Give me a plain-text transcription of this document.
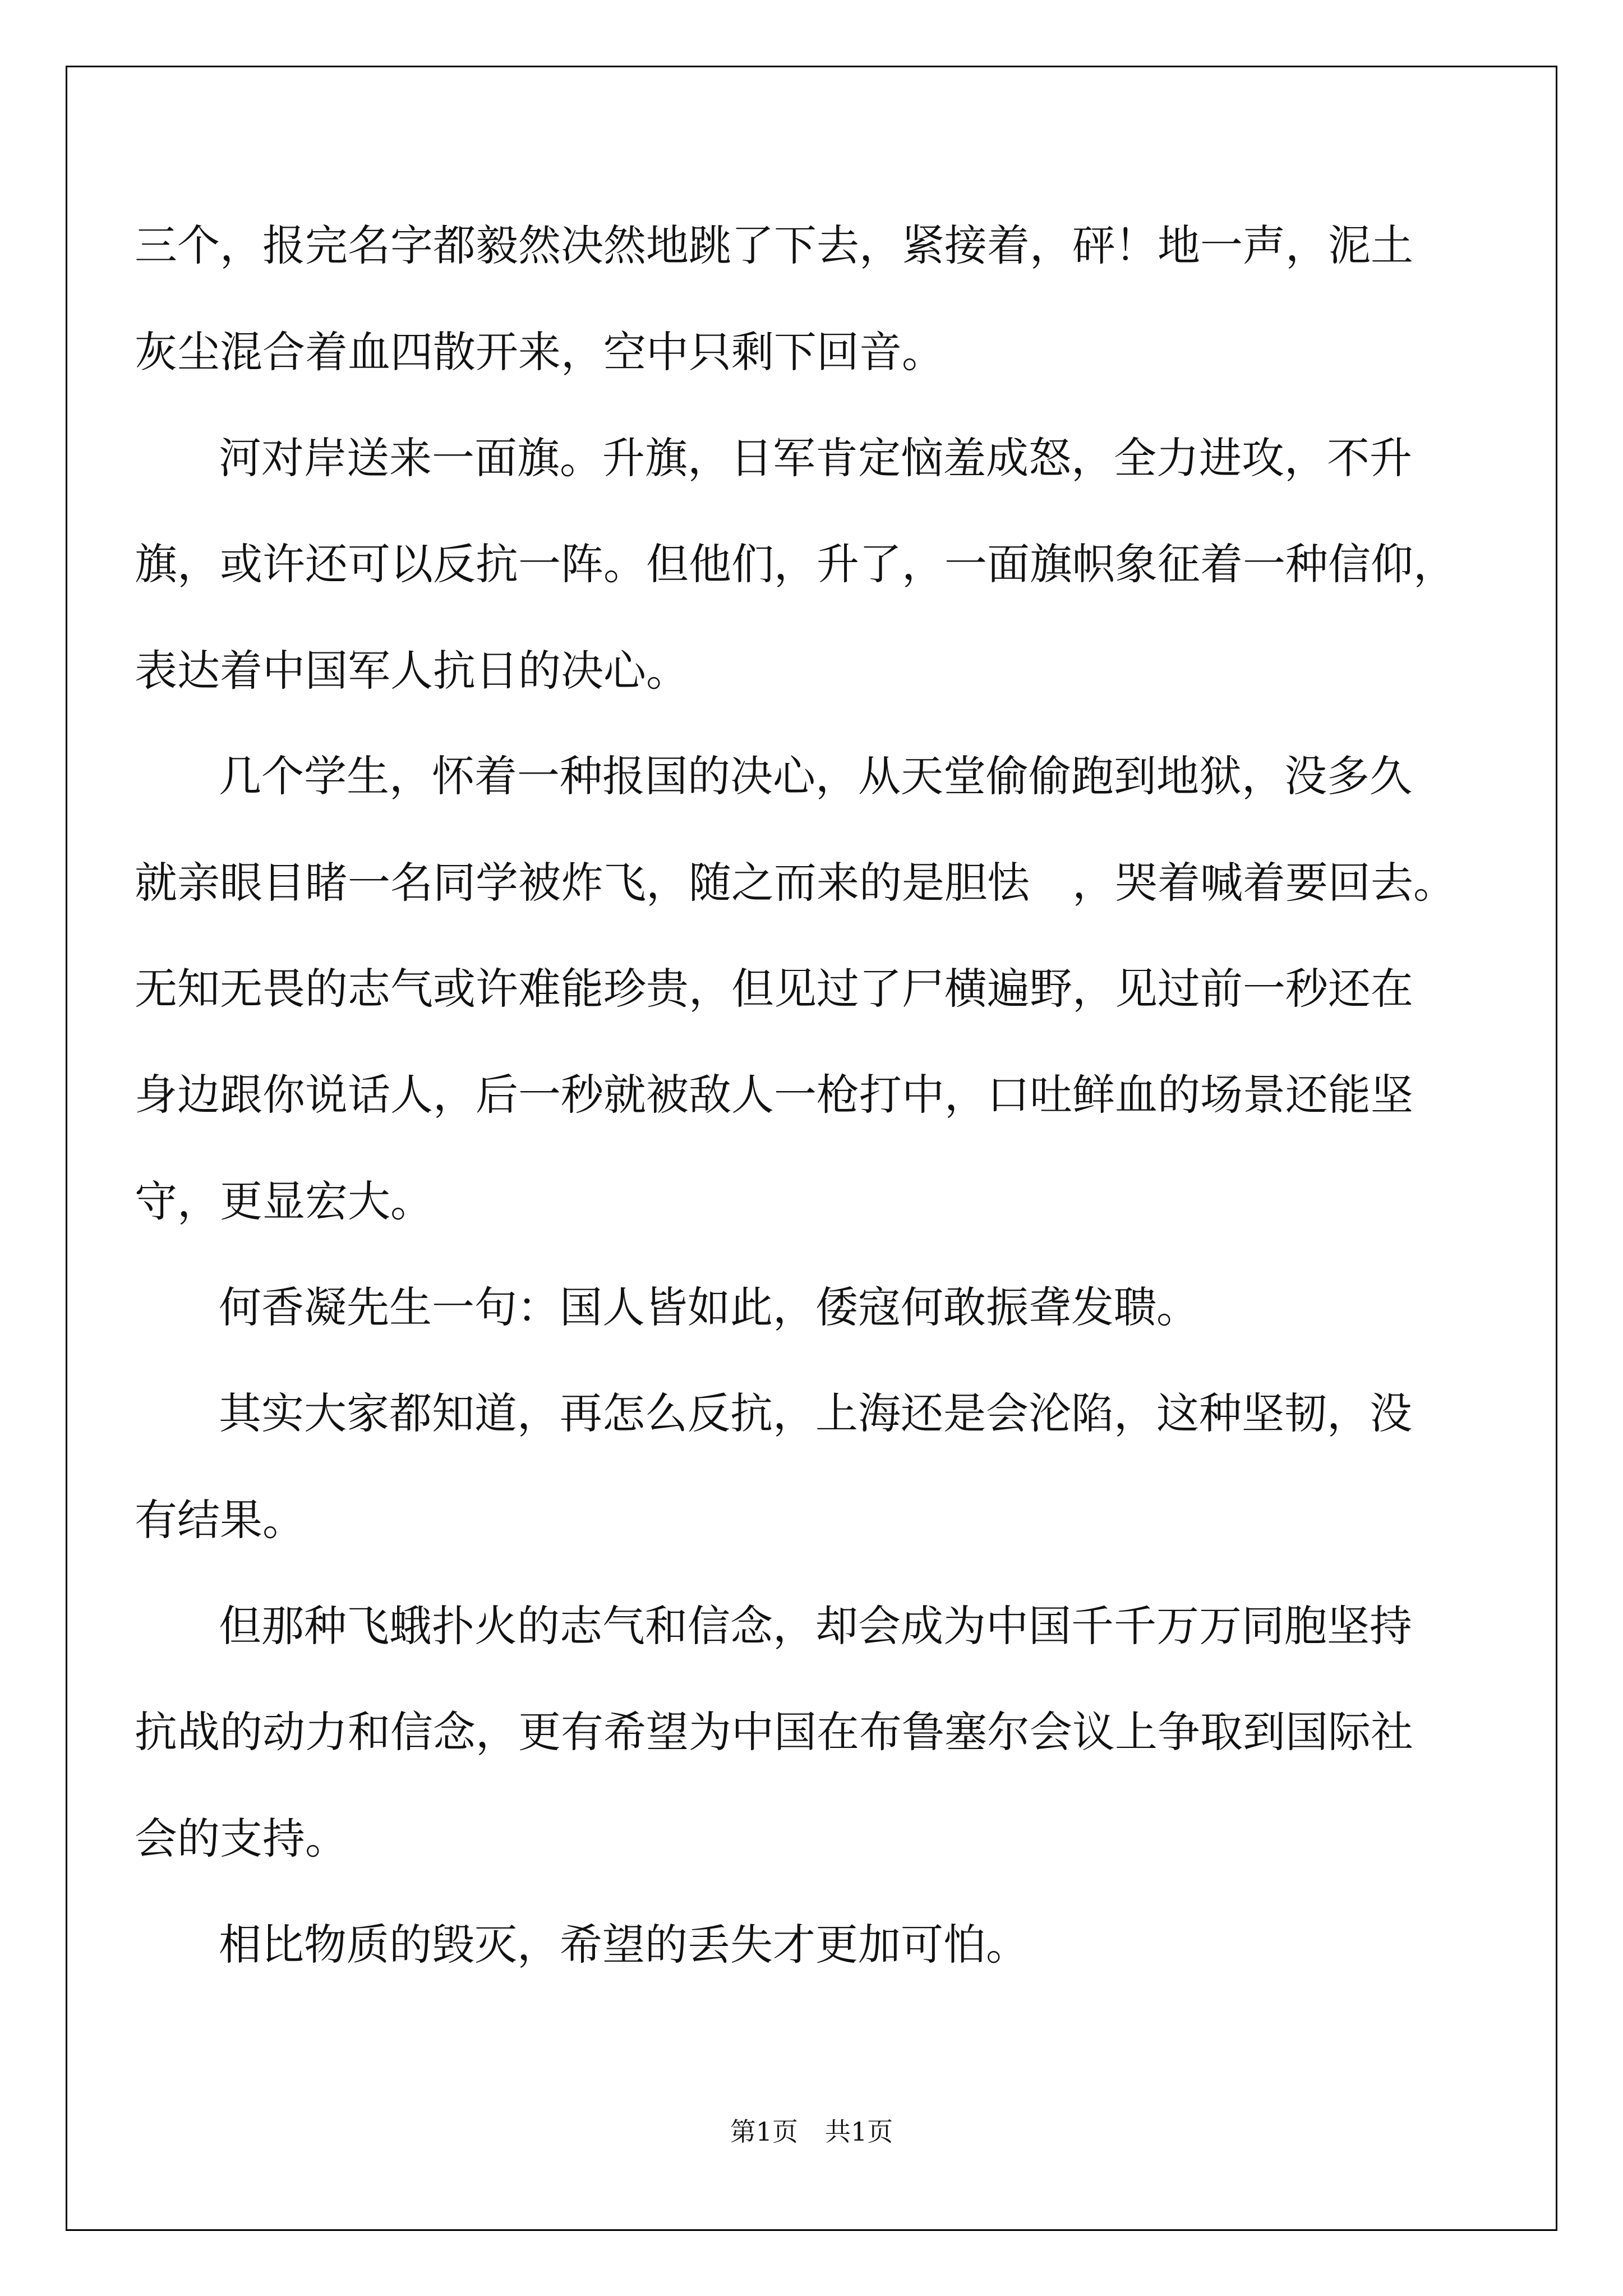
三个，报完名字都毅然决然地跳了下去，紧接着，砰！地一声，泥土
灰尘混合着血四散开来，空中只剩下回音。
河对岸送来一面旗。升旗，日军肯定恼羞成怒，全力进攻，不升
旗，或许还可以反抗一阵。但他们，升了，一面旗帜象征着一种信仰，
表达着中国军人抗日的决心。
几个学生，怀着一种报国的决心，从天堂偷偷跑到地狱，没多久
就亲眼目睹一名同学被炸飞，随之而来的是胆怯　，哭着喊着要回去。
无知无畏的志气或许难能珍贵，但见过了尸横遍野，见过前一秒还在
身边跟你说话人，后一秒就被敌人一枪打中，口吐鲜血的场景还能坚
守，更显宏大。
何香凝先生一句：国人皆如此，倭寇何敢振聋发聩。
其实大家都知道，再怎么反抗，上海还是会沦陷，这种坚韧，没
有结果。
但那种飞蛾扑火的志气和信念，却会成为中国千千万万同胞坚持
抗战的动力和信念，更有希望为中国在布鲁塞尔会议上争取到国际社
会的支持。
相比物质的毁灭，希望的丢失才更加可怕。
第1页 共1页
